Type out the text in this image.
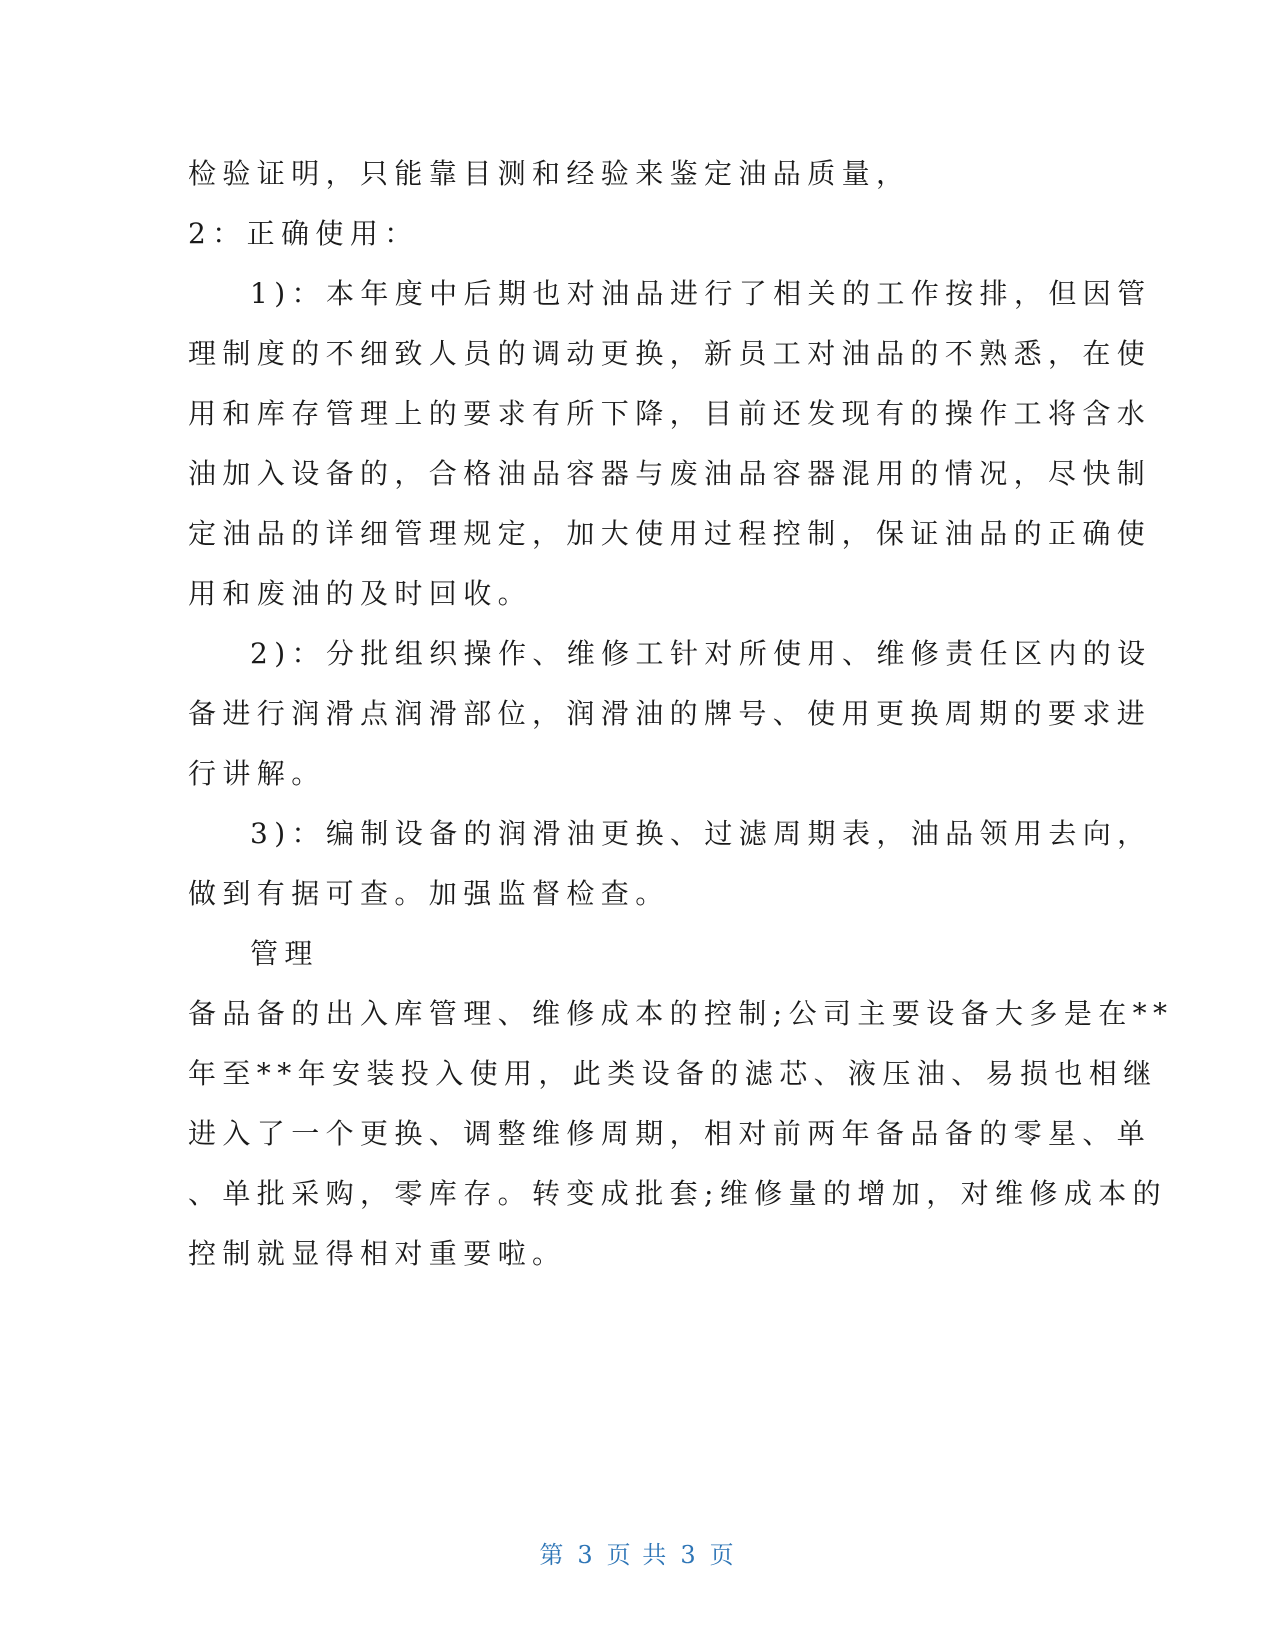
检验证明，只能靠目测和经验来鉴定油品质量，

2：正确使用：

1)：本年度中后期也对油品进行了相关的工作按排，但因管

理制度的不细致人员的调动更换，新员工对油品的不熟悉，在使

用和库存管理上的要求有所下降，目前还发现有的操作工将含水

油加入设备的，合格油品容器与废油品容器混用的情况，尽快制

定油品的详细管理规定，加大使用过程控制，保证油品的正确使

用和废油的及时回收。

2)：分批组织操作、维修工针对所使用、维修责任区内的设

备进行润滑点润滑部位，润滑油的牌号、使用更换周期的要求进

行讲解。

3)：编制设备的润滑油更换、过滤周期表，油品领用去向，

做到有据可查。加强监督检查。

管理

备品备的出入库管理、维修成本的控制;公司主要设备大多是在**

年至**年安装投入使用，此类设备的滤芯、液压油、易损也相继

进入了一个更换、调整维修周期，相对前两年备品备的零星、单

、单批采购，零库存。转变成批套;维修量的增加，对维修成本的

控制就显得相对重要啦。

第 3 页 共 3 页
